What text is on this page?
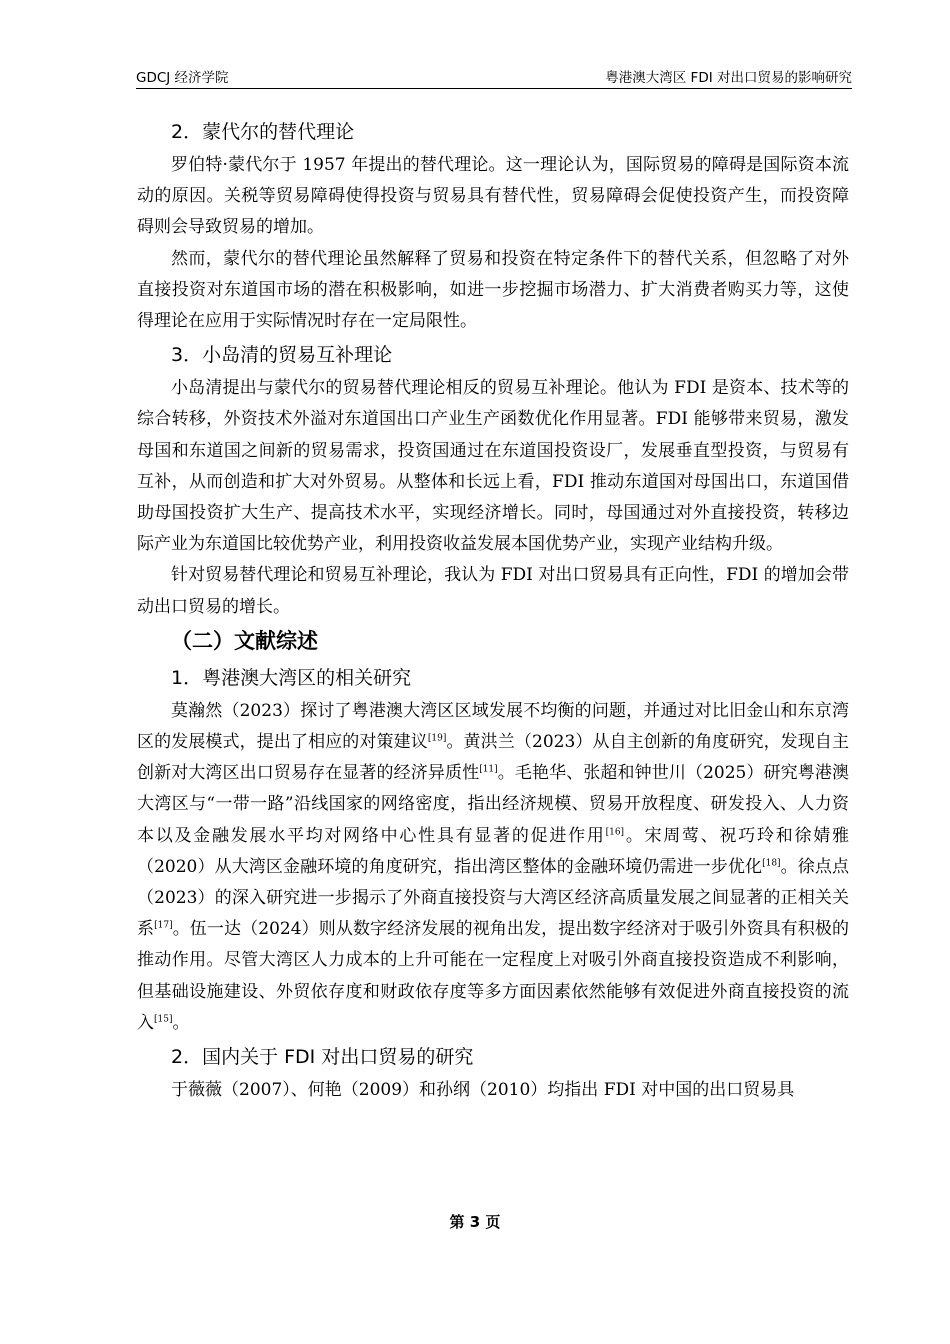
GDCJ 经济学院	粤港澳大湾区 FDI 对出口贸易的影响研究
2．蒙代尔的替代理论

罗伯特·蒙代尔于 1957 年提出的替代理论。这一理论认为，国际贸易的障碍是国际资本流动的原因。关税等贸易障碍使得投资与贸易具有替代性，贸易障碍会促使投资产生，而投资障碍则会导致贸易的增加。

然而，蒙代尔的替代理论虽然解释了贸易和投资在特定条件下的替代关系，但忽略了对外直接投资对东道国市场的潜在积极影响，如进一步挖掘市场潜力、扩大消费者购买力等，这使得理论在应用于实际情况时存在一定局限性。

3．小岛清的贸易互补理论

小岛清提出与蒙代尔的贸易替代理论相反的贸易互补理论。他认为 FDI 是资本、技术等的综合转移，外资技术外溢对东道国出口产业生产函数优化作用显著。FDI 能够带来贸易，激发母国和东道国之间新的贸易需求，投资国通过在东道国投资设厂，发展垂直型投资，与贸易有互补，从而创造和扩大对外贸易。从整体和长远上看，FDI 推动东道国对母国出口，东道国借助母国投资扩大生产、提高技术水平，实现经济增长。同时，母国通过对外直接投资，转移边际产业为东道国比较优势产业，利用投资收益发展本国优势产业，实现产业结构升级。

针对贸易替代理论和贸易互补理论，我认为 FDI 对出口贸易具有正向性，FDI 的增加会带动出口贸易的增长。

（二）文献综述
1．粤港澳大湾区的相关研究

莫瀚然（2023）探讨了粤港澳大湾区区域发展不均衡的问题，并通过对比旧金山和东京湾区的发展模式，提出了相应的对策建议[19]。黄洪兰（2023）从自主创新的角度研究，发现自主创新对大湾区出口贸易存在显著的经济异质性[11]。毛艳华、张超和钟世川（2025）研究粤港澳大湾区与“一带一路”沿线国家的网络密度，指出经济规模、贸易开放程度、研发投入、人力资本以及金融发展水平均对网络中心性具有显著的促进作用[16]。宋周莺、祝巧玲和徐婧雅（2020）从大湾区金融环境的角度研究，指出湾区整体的金融环境仍需进一步优化[18]。徐点点（2023）的深入研究进一步揭示了外商直接投资与大湾区经济高质量发展之间显著的正相关关系[17]。伍一达（2024）则从数字经济发展的视角出发，提出数字经济对于吸引外资具有积极的推动作用。尽管大湾区人力成本的上升可能在一定程度上对吸引外商直接投资造成不利影响，但基础设施建设、外贸依存度和财政依存度等多方面因素依然能够有效促进外商直接投资的流入[15]。

2．国内关于 FDI 对出口贸易的研究

于薇薇（2007）、何艳（2009）和孙纲（2010）均指出 FDI 对中国的出口贸易具

第 3 页
